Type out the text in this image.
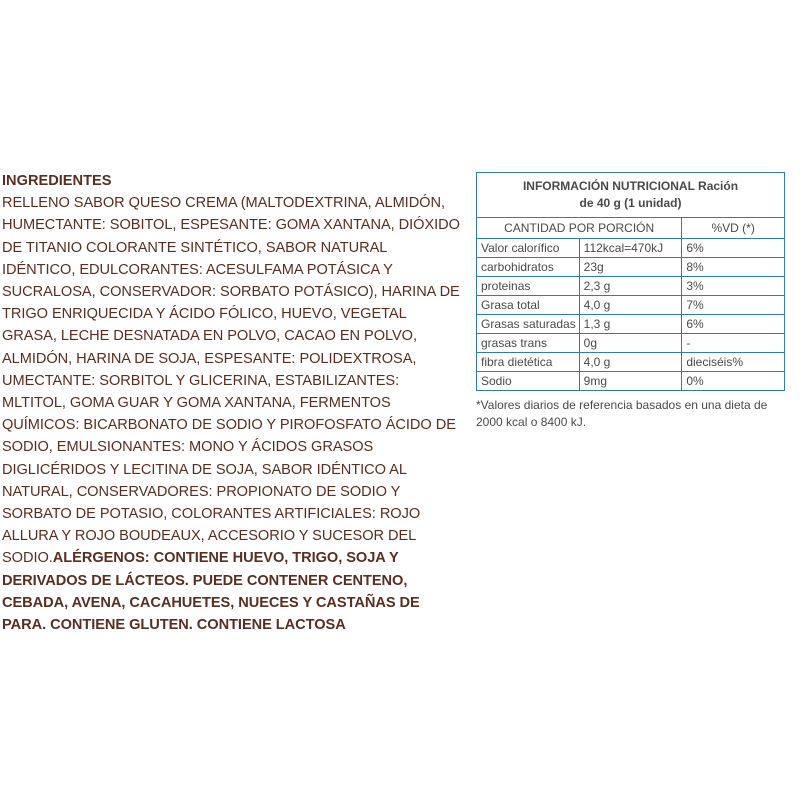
INGREDIENTES

RELLENO SABOR QUESO CREMA (MALTODEXTRINA, ALMIDÓN, HUMECTANTE: SOBITOL, ESPESANTE: GOMA XANTANA, DIÓXIDO DE TITANIO COLORANTE SINTÉTICO, SABOR NATURAL IDÉNTICO, EDULCORANTES: ACESULFAMA POTÁSICA Y SUCRALOSA, CONSERVADOR: SORBATO POTÁSICO), HARINA DE TRIGO ENRIQUECIDA Y ÁCIDO FÓLICO, HUEVO, VEGETAL GRASA, LECHE DESNATADA EN POLVO, CACAO EN POLVO, ALMIDÓN, HARINA DE SOJA, ESPESANTE: POLIDEXTROSA, UMECTANTE: SORBITOL Y GLICERINA, ESTABILIZANTES: MLTITOL, GOMA GUAR Y GOMA XANTANA, FERMENTOS QUÍMICOS: BICARBONATO DE SODIO Y PIROFOSFATO ÁCIDO DE SODIO, EMULSIONANTES: MONO Y ÁCIDOS GRASOS DIGLICÉRIDOS Y LECITINA DE SOJA, SABOR IDÉNTICO AL NATURAL, CONSERVADORES: PROPIONATO DE SODIO Y SORBATO DE POTASIO, COLORANTES ARTIFICIALES: ROJO ALLURA Y ROJO BOUDEAUX, ACCESORIO Y SUCESOR DEL SODIO.ALÉRGENOS: CONTIENE HUEVO, TRIGO, SOJA Y DERIVADOS DE LÁCTEOS. PUEDE CONTENER CENTENO, CEBADA, AVENA, CACAHUETES, NUECES Y CASTAÑAS DE PARA. CONTIENE GLUTEN. CONTIENE LACTOSA

INFORMACIÓN NUTRICIONAL Ración de 40 g (1 unidad)		
CANTIDAD POR PORCIÓN		%VD (*)
Valor calorífico	112kcal=470kJ	6%
carbohidratos	23g	8%
proteinas	2,3 g	3%
Grasa total	4,0 g	7%
Grasas saturadas	1,3 g	6%
grasas trans	0g	-
fibra dietética	4,0 g	dieciséis%
Sodio	9mg	0%
*Valores diarios de referencia basados en una dieta de 2000 kcal o 8400 kJ.
